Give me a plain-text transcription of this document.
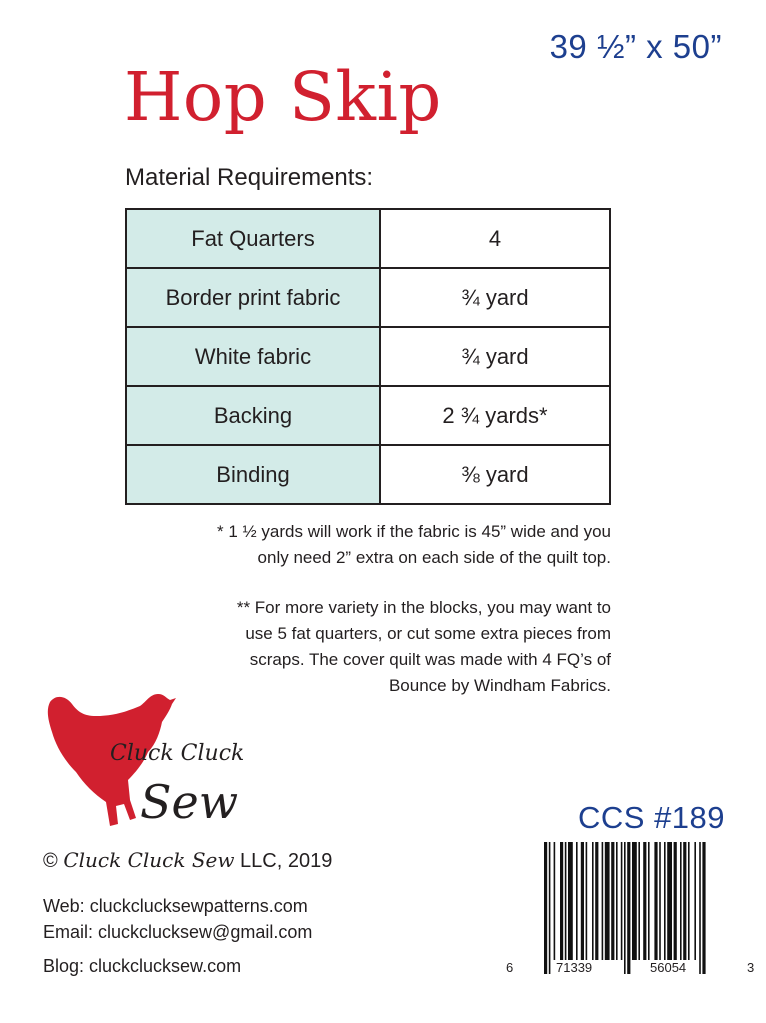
39 ½” x 50”
Hop Skip
Material Requirements:
Fat Quarters	4
Border print fabric	¾ yard
White fabric	¾ yard
Backing	2 ¾ yards*
Binding	⅜ yard
* 1 ½ yards will work if the fabric is 45” wide and you
only need 2” extra on each side of the quilt top.
** For more variety in the blocks, you may want to
use 5 fat quarters, or cut some extra pieces from
scraps. The cover quilt was made with 4 FQ’s of
Bounce by Windham Fabrics.
Cluck Cluck
Sew	CCS #189
© Cluck Cluck Sew LLC, 2019
Web: cluckclucksewpatterns.com
Email: cluckclucksew@gmail.com
Blog: cluckclucksew.com	6	71339	56054	3
